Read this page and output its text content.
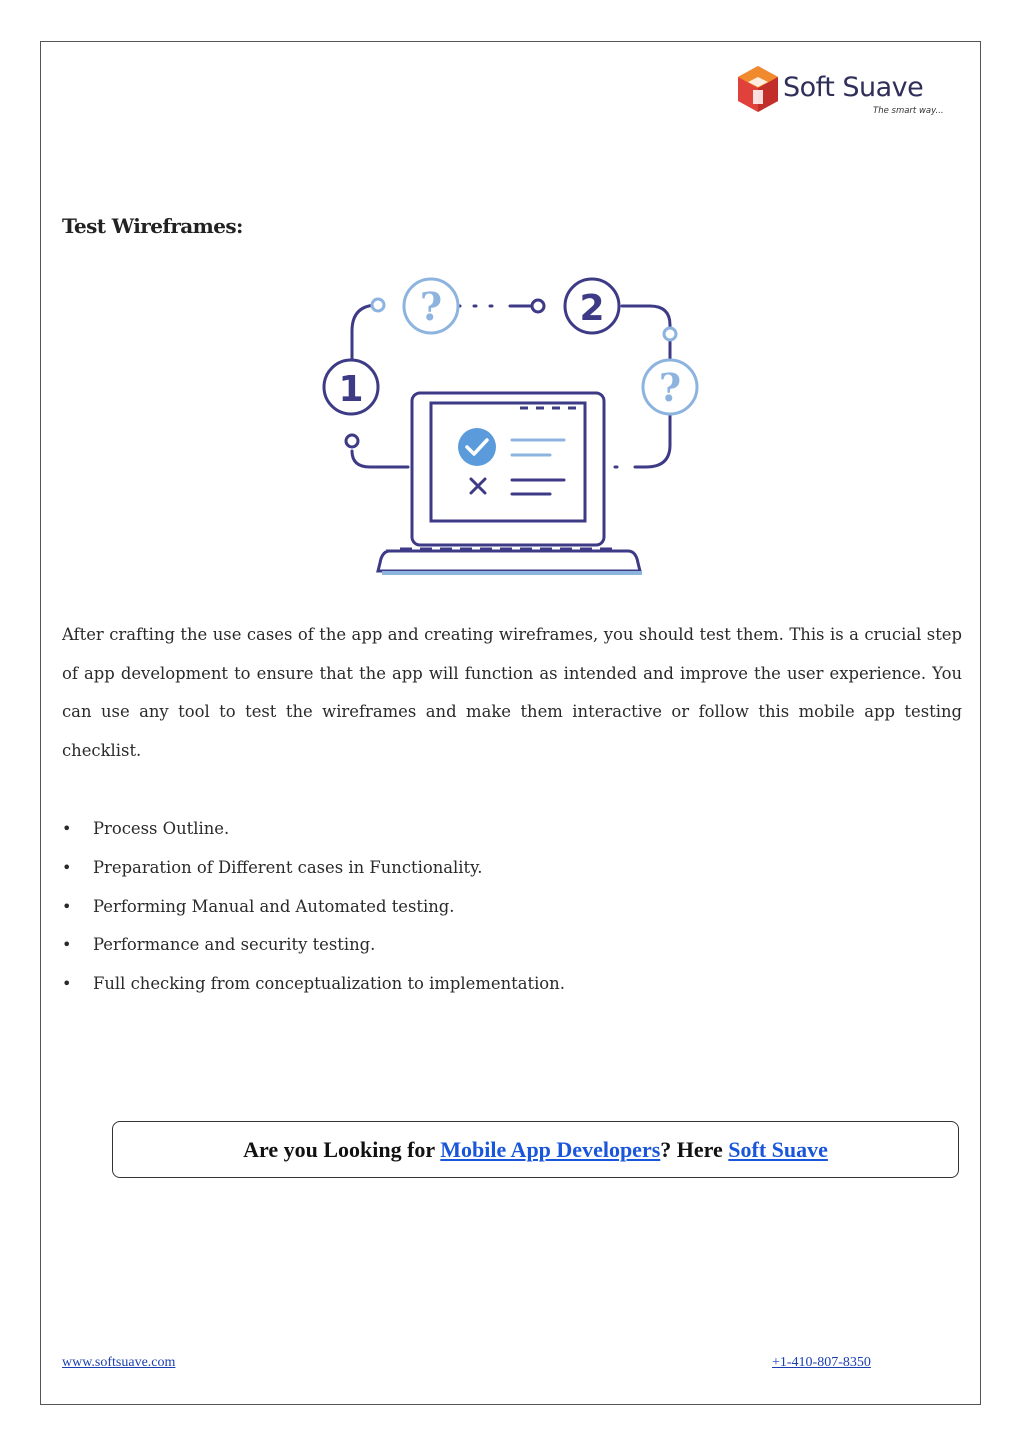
Soft Suave
The smart way...
Test Wireframes:
?	2
1	?

After crafting the use cases of the app and creating wireframes, you should test them. This is a crucial step of app development to ensure that the app will function as intended and improve the user experience. You can use any tool to test the wireframes and make them interactive or follow this mobile app testing checklist.

• Process Outline.
• Preparation of Different cases in Functionality.
• Performing Manual and Automated testing.
• Performance and security testing.
• Full checking from conceptualization to implementation.
Are you Looking for Mobile App Developers ? Here Soft Suave
www.softsuave.com	+1-410-807-8350
